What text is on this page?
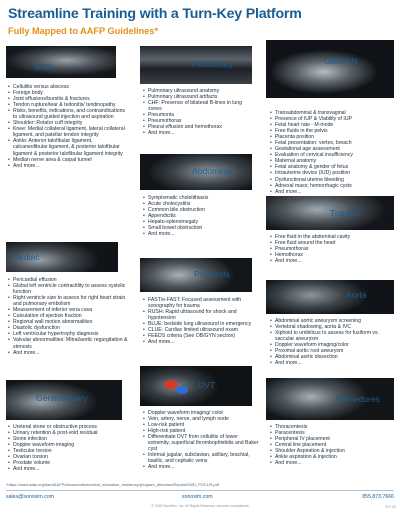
Streamline Training with a Turn-Key Platform
Fully Mapped to AAFP Guidelines*
MSK
• Cellulitis versus abscess
• Foreign body
• Joint effusions/bursitis & fractures
• Tendon rupture/tear & tedonitis/ tendinopathy
• Risks, benefits, indications, and contraindications to ultrasound guided injection and aspiration
• Shoulder: Rotator cuff integrity
• Knee: Medial collateral ligament, lateral collateral ligament, and patellar tendon integrity
• Ankle: Anterior talofibular ligament, calcaneofibular ligament, & posterior talofibular ligament & posterior talofibular ligament integrity
• Median nerve area & carpal tunnel
• And more...
Pulmonary
• Pulmonary ultrasound anatomy
• Pulmonary ultrasound artifacts
• CHF: Presence of bilateral B-lines in lung zones
• Pneumonia
• Pneumothorax
• Pleural effusion and hemothorax
• And more...
OB/GYN
• Transabdominal & transvaginal
• Presence of IUP & Viability of IUP
• Fetal heart rate - M-mode
• Free fluids in the pelvis
• Placenta position
• Fetal presentation: vertex, breach
• Gestational age assessment
• Evaluation of cervical insufficiency
• Maternal anatomy
• Fetal anatomy & gender of fetus
• Intrauterine device (IUD) position
• Dysfunctional uterine bleeding
• Adnexal mass; hemorrhagic cysts
• And more...
Abdominal
• Symptomatic cholelithiasis
• Acute cholecystitis
• Common bile obstruction
• Appendicitis
• Hepato-splenomegaly
• Small bowel obstruction
• And more...
Trauma
• Free fluid in the abdominal cavity
• Free fluid around the heart
• Pneumothorax
• Hemothorax
• And more...
Cardiac
• Pericardial effusion
• Global left ventricle contractility to assess systolic function
• Right ventricle size to assess for right heart strain and pulmonary embolism
• Measurement of inferior vena cava
• Calculation of ejection fraction
• Regional wall motion abnormalities
• Diastolic dysfunction
• Left ventricular hypertrophy diagnosis
• Valvular abnormalities: Mitral/aortic regurgitation & stenosis
• And more...
Protocols
• FAST/e-FAST: Focused assessment with sonography for trauma
• RUSH: Rapid ultrasound for shock and hypotension
• BLUE: bedside lung ultrasound in emergency
• CLUE: Cardiac limited ultrasound exam
• FEEDS criteria (See OB/GYN section)
• And more...
Aorta
• Abdominal aortic aneurysm screening
• Vertebral shadowing, aorta & IVC
• Xiphoid to umbilicus to assess for fusiform vs. saccular aneurysm
• Doppler waveform imaging/color
• Proximal aortic root aneurysm
• Abdominal aortic dissection
• And more...
DVT
• Doppler waveform imaging/ color
• Vein, artery, nerve, and lymph node
• Low-risk patient
• High-risk patient
• Differentiate DVT from cellulitis of lower extremity, superficial thrombophlebitis and Baker cyst
• Internal jugular, subclavian, axillary, brachial, basilic, and cephalic veins
• And more...
Genitourinary
• Ureteral stone or obstructive process
• Urinary retention & post-void residual
• Stone infection
• Doppler waveform imaging
• Testicular torsion
• Ovarian torsion
• Prostate volume
• And more...
Procedures
• Thoracentesis
• Paracentesis
• Peripheral IV placement
• Central line placement
• Shoulder Aspiration & injection
• Ankle aspiration & injection
• And more...
*https://www.aafp.org/dam/AAFP/documents/medical_education_residency/program_directors/Reprint290D_POCUS.pdf
sales@sonosim.com	sonosim.com	855.873.7666
© 2018 SonoSim, Inc. All Rights Reserved. sonosim.com/patents	S17-03
